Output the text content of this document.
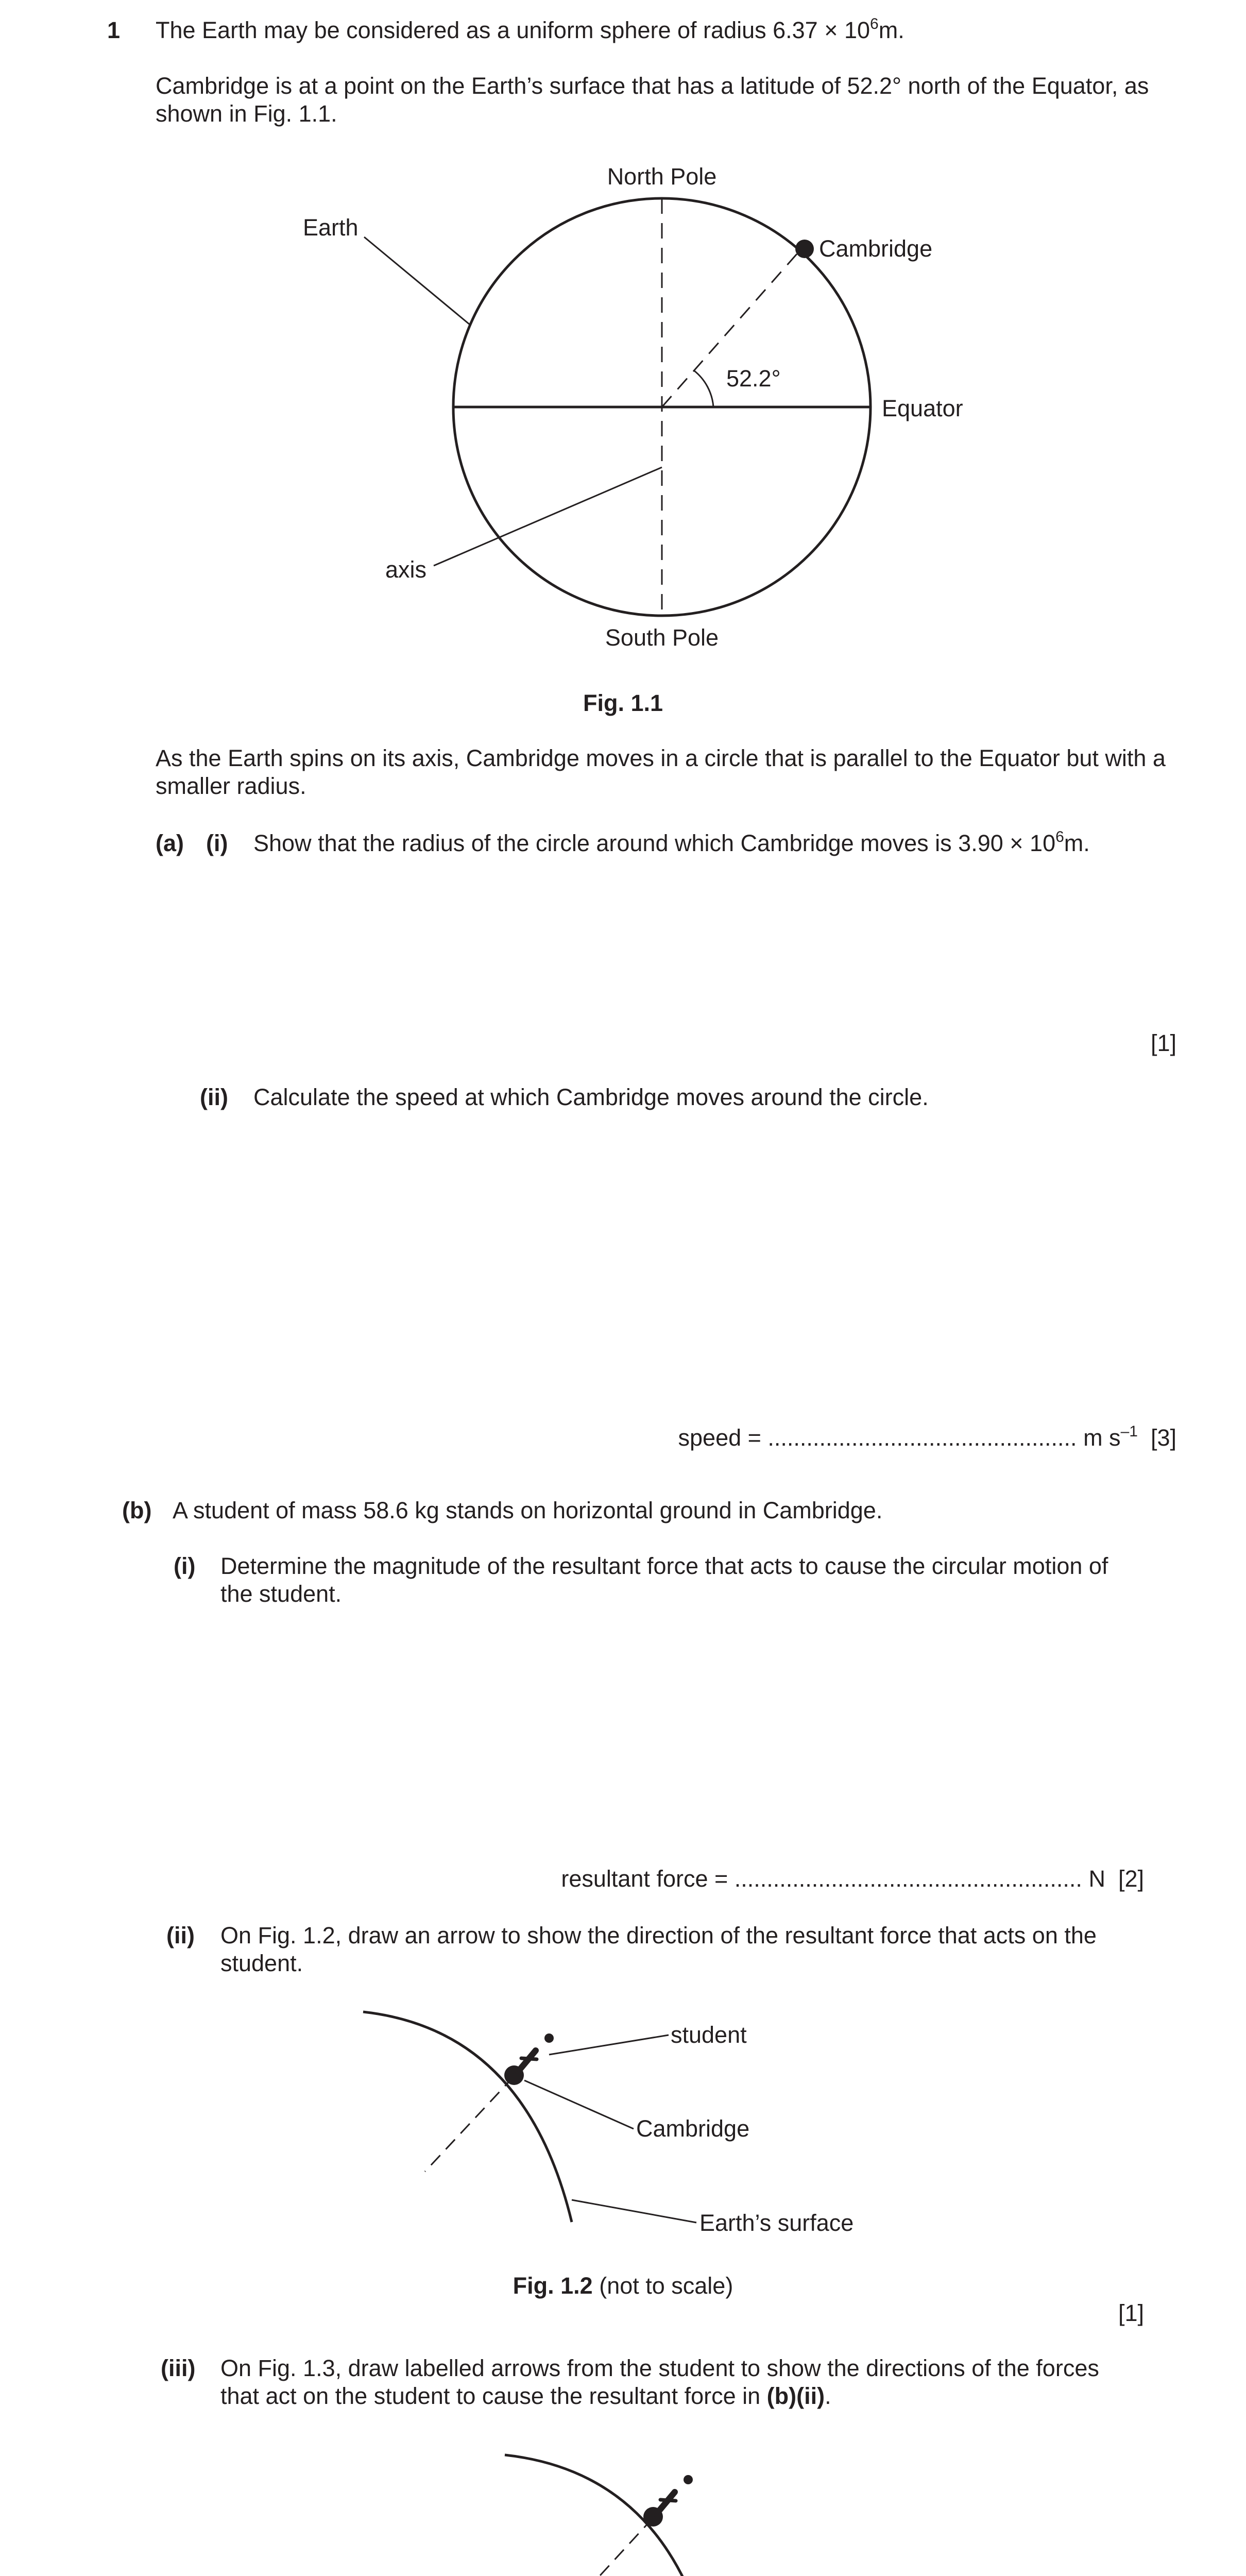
1 The Earth may be considered as a uniform sphere of radius $6.37 \times 10^6m$.
Cambridge is at a point on the Earth’s surface that has a latitude of 52.2° north of the Equator, as shown in Fig. 1.1.
North Pole
South Pole
Earth
Cambridge
Equator
axis
52.2°
Fig. 1.1
As the Earth spins on its axis, Cambridge moves in a circle that is parallel to the Equator but with a smaller radius.
(a) (i) Show that the radius of the circle around which Cambridge moves is $3.90 \times 10^6m$.
[1]
(ii) Calculate the speed at which Cambridge moves around the circle.
speed = ................................................ m $s^{-1}$ [3]
(b) A student of mass 58.6 kg stands on horizontal ground in Cambridge.
(i) Determine the magnitude of the resultant force that acts to cause the circular motion of the student.
resultant force = ...................................................... N [2]
(ii) On Fig. 1.2, draw an arrow to show the direction of the resultant force that acts on the student.
student
Cambridge
Earth’s surface
Fig. 1.2 (not to scale)
[1]
(iii) On Fig. 1.3, draw labelled arrows from the student to show the directions of the forces that act on the student to cause the resultant force in (b)(ii).
